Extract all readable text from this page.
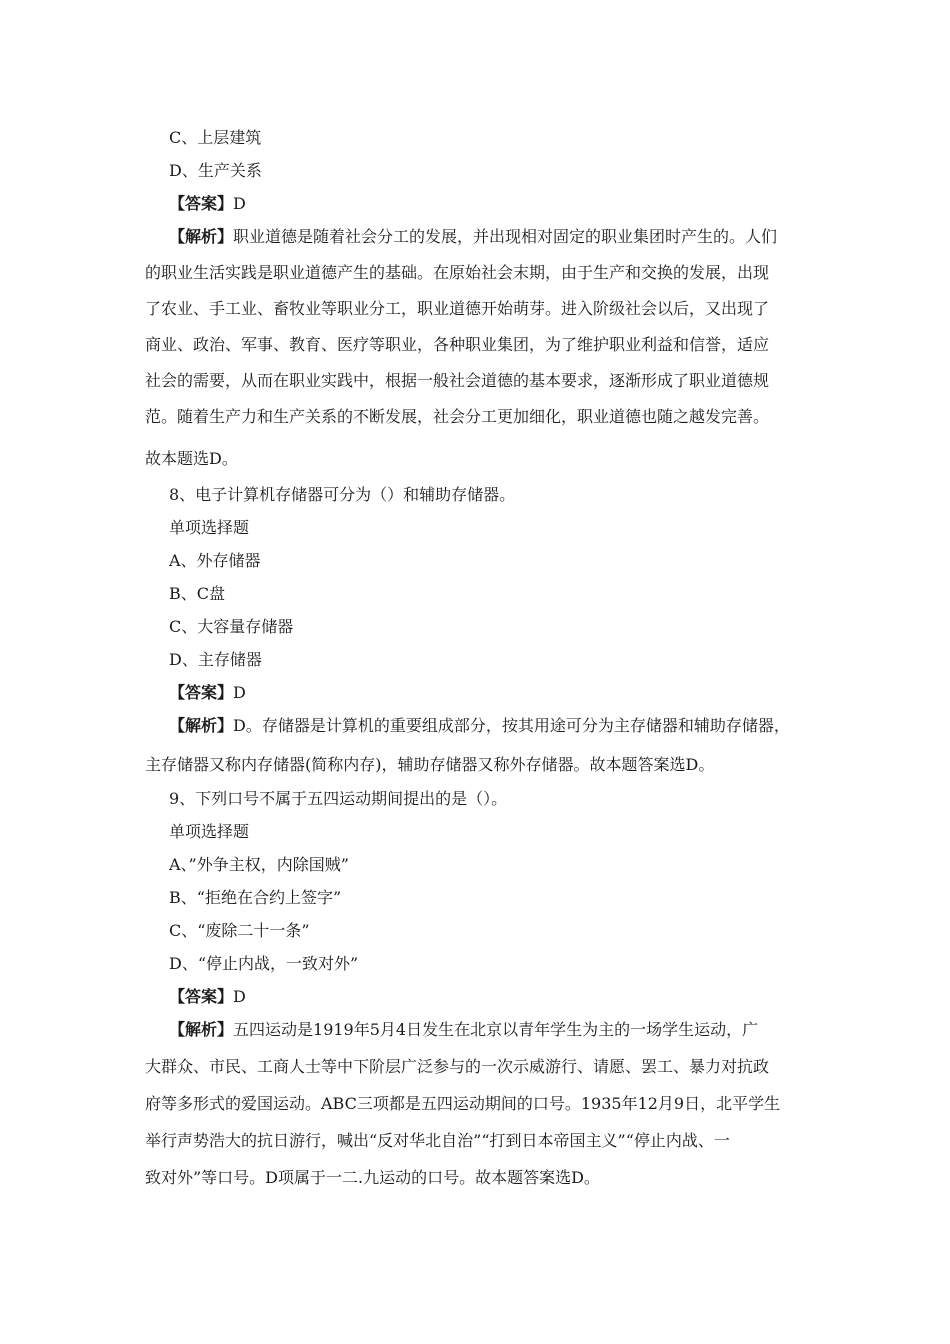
C、上层建筑
D、生产关系
【答案】D
【解析】职业道德是随着社会分工的发展，并出现相对固定的职业集团时产生的。人们
的职业生活实践是职业道德产生的基础。在原始社会末期，由于生产和交换的发展，出现
了农业、手工业、畜牧业等职业分工，职业道德开始萌芽。进入阶级社会以后，又出现了
商业、政治、军事、教育、医疗等职业，各种职业集团，为了维护职业利益和信誉，适应
社会的需要，从而在职业实践中，根据一般社会道德的基本要求，逐渐形成了职业道德规
范。随着生产力和生产关系的不断发展，社会分工更加细化，职业道德也随之越发完善。
故本题选D。
8、电子计算机存储器可分为（）和辅助存储器。
单项选择题
A、外存储器
B、C盘
C、大容量存储器
D、主存储器
【答案】D
【解析】D。存储器是计算机的重要组成部分，按其用途可分为主存储器和辅助存储器，
主存储器又称内存储器(简称内存)，辅助存储器又称外存储器。故本题答案选D。
9、下列口号不属于五四运动期间提出的是（）。
单项选择题
A、”外争主权，内除国贼”
B、“拒绝在合约上签字”
C、“废除二十一条”
D、“停止内战，一致对外”
【答案】D
【解析】五四运动是1919年5月4日发生在北京以青年学生为主的一场学生运动，广
大群众、市民、工商人士等中下阶层广泛参与的一次示威游行、请愿、罢工、暴力对抗政
府等多形式的爱国运动。ABC三项都是五四运动期间的口号。1935年12月9日，北平学生
举行声势浩大的抗日游行，喊出“反对华北自治”“打到日本帝国主义”“停止内战、一
致对外”等口号。D项属于一二.九运动的口号。故本题答案选D。
